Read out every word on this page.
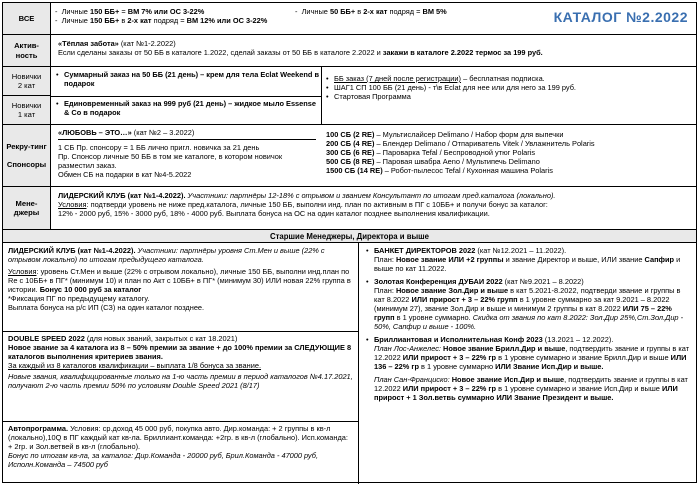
ВСЕ
-  Личные 150 ББ+ = ВМ 7% или ОС 3-22%
-  Личные 150 ББ+ в 2-х кат подряд = ВМ 12% или ОС 3-22%
-  Личные 50 ББ+ в 2-х кат подряд = ВМ 5%	КАТАЛОГ №2.2022
Актив-ность
«Тёплая забота» (кат №1-2.2022)
Если сделаны заказы от 50 ББ в каталоге 1.2022, сделай заказы от 50 ББ в каталоге 2.2022 и закажи в каталоге 2.2022 термос за 199 руб.
Новички
2 кат
Новички
1 кат
• Суммарный заказ на 50 ББ (21 день) – крем для тела Eclat Weekend в подарок
• Единовременный заказ на 999 руб (21 день) – жидкое мыло Essense & Co в подарок
• ББ заказ (7 дней после регистрации) – бесплатная подписка.
• ШАГ1 СП 100 ББ (21 день) - т\в Eclat для нее или для него за 199 руб.
• Стартовая Программа
Рекру-тинг

Спонсоры
«ЛЮБОВЬ – ЭТО…» (кат №2 – 3.2022)
1 СБ Пр. спонсору = 1 ББ лично пригл. новичка за 21 день
Пр. Спонсор личные 50 ББ в том же каталоге, в котором новичок разместил заказ.
Обмен СБ на подарки в кат №4-5.2022
100 СБ (2 RE) – Мультислайсер Delimano / Набор форм для выпечки
200 СБ (4 RE) – Блендер Delimano / Отпариватель Vitek / Увлажнитель Polaris
300 СБ (6 RE) – Пароварка Tefal / Беспроводной утюг Polaris
500 СБ (8 RE) – Паровая швабра Aeno / Мультипечь Delimano
1500 СБ (14 RE) – Робот-пылесос Tefal / Кухонная машина Polaris
Мене-джеры
ЛИДЕРСКИЙ КЛУБ (кат №1-4.2022). Участники: партнёры 12-18% с отрывом и званием Консультант по итогам пред.каталога (локально).
Условия: подтверди уровень не ниже пред.каталога, личные 150 ББ, выполни инд. план по активным в ПГ с 10ББ+ и получи бонус за каталог:
12% - 2000 руб, 15% - 3000 руб, 18% - 4000 руб. Выплата бонуса на ОС на один каталог позднее выполнения квалификации.
Старшие Менеджеры, Директора и выше
ЛИДЕРСКИЙ КЛУБ (кат №1-4.2022). Участники: партнёры уровня Ст.Мен и выше (22% с отрывом локально) по итогам предыдущего каталога.
Условия: уровень Ст.Мен и выше (22% с отрывом локально), личные 150 ББ, выполни инд.план по Re с 10ББ+ в ПГ* (минимум 10) и план по Акт с 10ББ+ в ПГ* (минимум 30) ИЛИ новая 22% группа в истории. Бонус 10 000 руб за каталог
*Фиксация ПГ по предыдущему каталогу.
Выплата бонуса на р/с ИП (СЗ) на один каталог позднее.
DOUBLE SPEED 2022 (для новых званий, закрытых с кат 18.2021)
Новое звание за 4 каталога из 8 – 50% премии за звание + до 100% премии за СЛЕДУЮЩИЕ 8 каталогов выполнения критериев звания.
За каждый из 8 каталогов квалификации – выплата 1/8 бонуса за звание.
Новые звания, квалифицированные только на 1-ю часть премии в период каталогов №4.17.2021, получают 2-ю часть премии 50% по условиям Double Speed 2021 (8/17)
Автопрограмма. Условия: ср.доход 45 000 руб, покупка авто. Дир.команда: + 2 группы в кв-л (локально),10Q в ПГ каждый кат кв-ла. Бриллиант.команда: +2гр. в кв-л (глобально). Исп.команда: + 2гр. и Зол.ветвей в кв-л (глобально).
Бонус по итогам кв-ла, за каталог: Дир.Команда - 20000 руб, Брил.Команда - 47000 руб, Исполн.Команда – 74500 руб
• БАНКЕТ ДИРЕКТОРОВ 2022 (кат №12.2021 – 11.2022).
План: Новое звание ИЛИ +2 группы и звание Директор и выше, ИЛИ звание Сапфир и выше по кат 11.2022.
• Золотая Конференция ДУБАИ 2022 (кат №9.2021 – 8.2022)
План: Новое звание Зол.Дир и выше в кат 5.2021-8.2022, подтверди звание и группы в кат 8.2022 ИЛИ прирост + 3 – 22% групп в 1 уровне суммарно за кат 9.2021 – 8.2022 (минимум 27), звание Зол.Дир и выше и минимум 2 группы в кат 8.2022 ИЛИ 75 – 22% групп в 1 уровне суммарно. Скидка от звания по кат 8.2022: Зол.Дир 25%,Ст.Зол.Дир - 50%, Сапфир и выше - 100%.
• Бриллиантовая и Исполнительная Конф 2023 (13.2021 – 12.2022).
План Лос-Анжелес: Новое звание Брилл.Дир и выше, подтвердить звание и группы в кат 12.2022 ИЛИ прирост + 3 – 22% гр в 1 уровне суммарно и звание Брилл.Дир и выше ИЛИ 136 – 22% гр в 1 уровне суммарно ИЛИ Звание Исп.Дир и выше.
План Сан-Франциско: Новое звание Исп.Дир и выше, подтвердить звание и группы в кат 12.2022 ИЛИ прирост + 3 – 22% гр в 1 уровне суммарно и звание Исп.Дир и выше ИЛИ прирост + 1 Зол.ветвь суммарно ИЛИ Звание Президент и выше.
